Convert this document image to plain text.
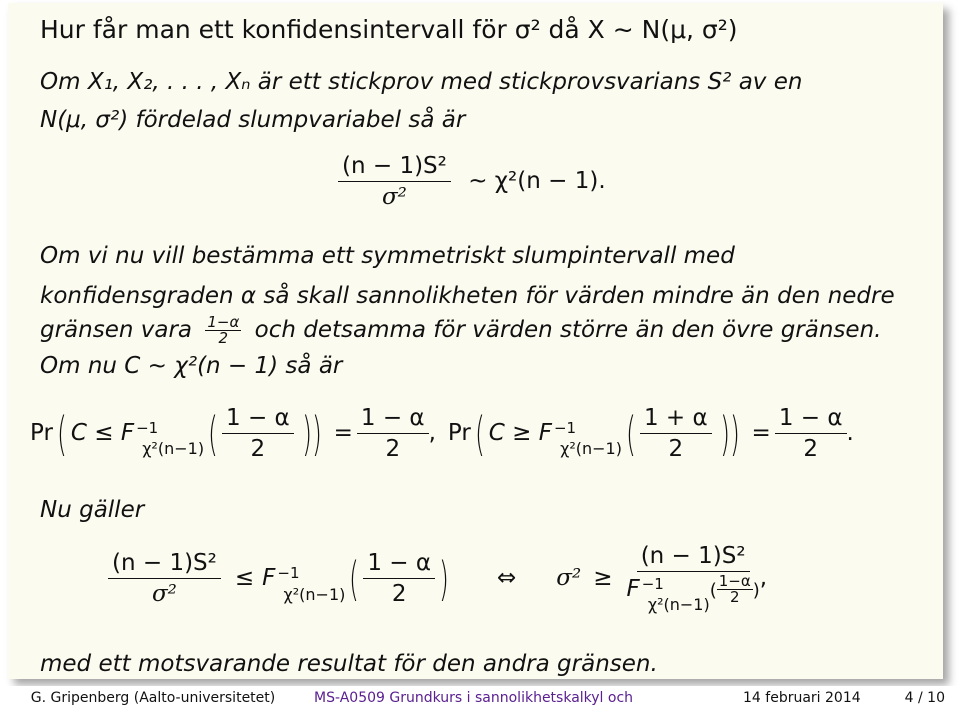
Hur får man ett konfidensintervall för σ² då X ∼ N(μ, σ²)
Om X₁, X₂, . . . , Xₙ är ett stickprov med stickprovsvarians S² av en
N(μ, σ²) fördelad slumpvariabel så är
$\frac{\text{(n − 1)S²}}{\text{σ²}}$ ∼ χ²(n − 1).
Om vi nu vill bestämma ett symmetriskt slumpintervall med
konfidensgraden α så skall sannolikheten för värden mindre än den nedre
gränsen vara $\frac{1-\alpha}{2}$ och detsamma för värden större än den övre gränsen.
Om nu C ∼ χ²(n − 1) så är
Pr( $C \le F -1\chi^2(n-1)( \frac{1 - \alpha}{2}$ )) = $\frac{1 - \alpha}{2}$ , Pr( $C \ge F -1\chi^2(n-1)( \frac{1 + \alpha}{2}$ )) = $\frac{1 - \alpha}{2}$ .
Nu gäller
$\frac{\text{(n − 1)S²}}{\text{σ²}} \le F -1\chi^2(n-1)( \frac{1 - \alpha}{2}$ ) ⇔ $\sigma^2 \ge \frac{\text{(n − 1)S²}}{F -1\chi^2(n-1)( \frac{1-\alpha}{2} )}$ ,
med ett motsvarande resultat för den andra gränsen.
G. Gripenberg (Aalto-universitetet)	MS-A0509 Grundkurs i sannolikhetskalkyl och	14 februari 2014	4 / 10
